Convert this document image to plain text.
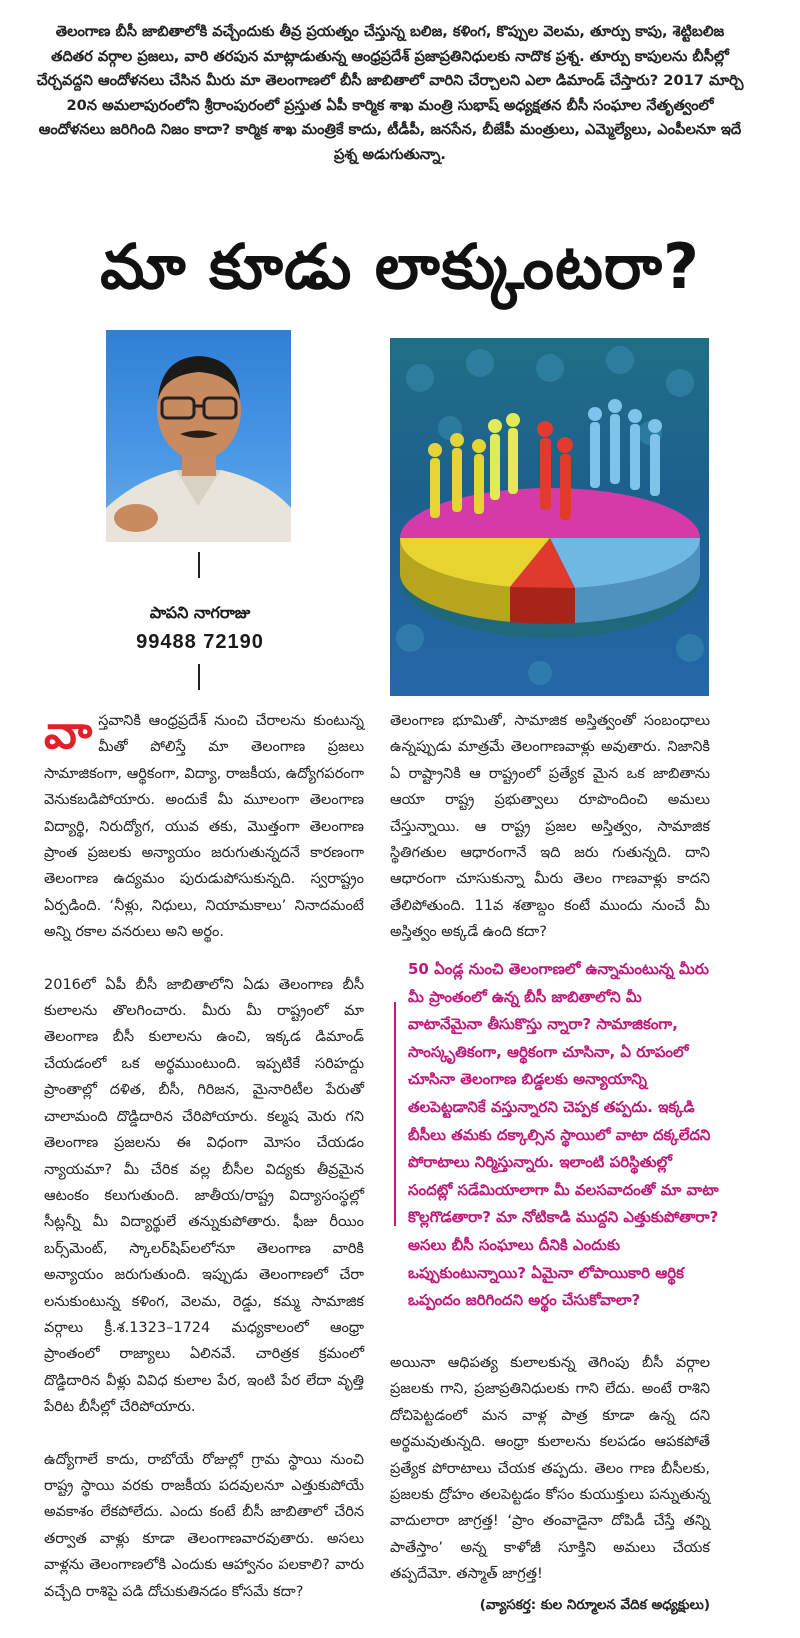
తెలంగాణ బీసీ జాబితాలోకి వచ్చేందుకు తీవ్ర ప్రయత్నం చేస్తున్న బలిజ, కళింగ, కొప్పుల వెలమ, తూర్పు కాపు, శెట్టిబలిజ తదితర వర్గాల ప్రజలు, వారి తరపున మాట్లాడుతున్న ఆంధ్రప్రదేశ్ ప్రజాప్రతినిధులకు నాదొక ప్రశ్న. తూర్పు కాపులను బీసీల్లో చేర్చవద్దని ఆందోళనలు చేసిన మీరు మా తెలంగాణలో బీసీ జాబితాలో వారిని చేర్చాలని ఎలా డిమాండ్ చేస్తారు? 2017 మార్చి 20న అమలాపురంలోని శ్రీరాంపురంలో ప్రస్తుత ఏపీ కార్మిక శాఖ మంత్రి సుభాష్ అధ్యక్షతన బీసీ సంఘాల నేతృత్వంలో ఆందోళనలు జరిగింది నిజం కాదా? కార్మిక శాఖ మంత్రికే కాదు, టీడీపీ, జనసేన, బీజేపీ మంత్రులు, ఎమ్మెల్యేలు, ఎంపీలనూ ఇదే ప్రశ్న అడుగుతున్నా.

మా కూడు లాక్కుంటరా?
పాపని నాగరాజు
99488 72190

వాస్తవానికి ఆంధ్రప్రదేశ్ నుంచి చేరాలను కుంటున్న మీతో పోలిస్తే మా తెలంగాణ ప్రజలు సామాజికంగా, ఆర్థికంగా, విద్యా, రాజకీయ, ఉద్యోగపరంగా వెనుకబడిపోయారు. అందుకే మీ మూలంగా తెలంగాణ విద్యార్థి, నిరుద్యోగ, యువ తకు, మొత్తంగా తెలంగాణ ప్రాంత ప్రజలకు అన్యాయం జరుగుతున్నదనే కారణంగా తెలంగాణ ఉద్యమం పురుడుపోసుకున్నది. స్వరాష్ట్రం ఏర్పడింది. ‘నీళ్లు, నిధులు, నియామకాలు’ నినాదమంటే అన్ని రకాల వనరులు అని అర్థం.

2016లో ఏపీ బీసీ జాబితాలోని ఏడు తెలంగాణ బీసీ కులాలను తొలగించారు. మీరు మీ రాష్ట్రంలో మా తెలంగాణ బీసీ కులాలను ఉంచి, ఇక్కడ డిమాండ్ చేయడంలో ఒక అర్థముంటుంది. ఇప్పటికే సరిహద్దు ప్రాంతాల్లో దళిత, బీసీ, గిరిజన, మైనారిటీల పేరుతో చాలామంది దొడ్డిదారిన చేరిపోయారు. కల్మష మెరు గని తెలంగాణ ప్రజలను ఈ విధంగా మోసం చేయడం న్యాయమా? మీ చేరిక వల్ల బీసీల విద్యకు తీవ్రమైన ఆటంకం కలుగుతుంది. జాతీయ/రాష్ట్ర విద్యాసంస్థల్లో సీట్లన్నీ మీ విద్యార్థులే తన్నుకుపోతారు. ఫీజు రీయిం బర్స్‌మెంట్, స్కాలర్‌షిప్‌లలోనూ తెలంగాణ వారికి అన్యాయం జరుగుతుంది. ఇప్పుడు తెలంగాణలో చేరా లనుకుంటున్న కళింగ, వెలమ, రెడ్డు, కమ్మ సామాజిక వర్గాలు క్రీ.శ.1323–1724 మధ్యకాలంలో ఆంధ్రా ప్రాంతంలో రాజ్యాలు ఏలినవే. చారిత్రక క్రమంలో దొడ్డిదారిన వీళ్లు వివిధ కులాల పేర, ఇంటి పేర లేదా వృత్తి పేరిట బీసీల్లో చేరిపోయారు.

ఉద్యోగాలే కాదు, రాబోయే రోజుల్లో గ్రామ స్థాయి నుంచి రాష్ట్ర స్థాయి వరకు రాజకీయ పదవులనూ ఎత్తుకుపోయే అవకాశం లేకపోలేదు. ఎందు కంటే బీసీ జాబితాలో చేరిన తర్వాత వాళ్లు కూడా తెలంగాణవారవుతారు. అసలు వాళ్లను తెలంగాణలోకి ఎందుకు ఆహ్వానం పలకాలి? వారు వచ్చేది రాశిపై పడి దోచుకుతినడం కోసమే కదా?

తెలంగాణ భూమితో, సామాజిక అస్తిత్వంతో సంబంధాలు ఉన్నప్పుడు మాత్రమే తెలంగాణవాళ్లు అవుతారు. నిజానికి ఏ రాష్ట్రానికి ఆ రాష్ట్రంలో ప్రత్యేక మైన ఒక జాబితాను ఆయా రాష్ట్ర ప్రభుత్వాలు రూపొందించి అమలు చేస్తున్నాయి. ఆ రాష్ట్ర ప్రజల అస్తిత్వం, సామాజిక స్థితిగతుల ఆధారంగానే ఇది జరు గుతున్నది. దాని ఆధారంగా చూసుకున్నా మీరు తెలం గాణవాళ్లు కాదని తేలిపోతుంది. 11వ శతాబ్దం కంటే ముందు నుంచే మీ అస్తిత్వం అక్కడే ఉంది కదా?

50 ఏండ్ల నుంచి తెలంగాణలో ఉన్నామంటున్న మీరు మీ ప్రాంతంలో ఉన్న బీసీ జాబితాలోని మీ వాటానేమైనా తీసుకొస్తు న్నారా? సామాజికంగా, సాంస్కృతికంగా, ఆర్థికంగా చూసినా, ఏ రూపంలో చూసినా తెలంగాణ బిడ్డలకు అన్యాయాన్ని తలపెట్టడానికే వస్తున్నారని చెప్పక తప్పదు. ఇక్కడి బీసీలు తమకు దక్కాల్సిన స్థాయిలో వాటా దక్కలేదని పోరాటాలు నిర్మిస్తున్నారు. ఇలాంటి పరిస్థితుల్లో సందట్లో సడేమియాలాగా మీ వలసవాదంతో మా వాటా కొల్లగొడతారా? మా నోటికాడి ముద్దని ఎత్తుకుపోతారా? అసలు బీసీ సంఘాలు దీనికి ఎందుకు ఒప్పుకుంటున్నాయి? ఏమైనా లోపాయికారి ఆర్థిక ఒప్పందం జరిగిందని అర్థం చేసుకోవాలా?

అయినా ఆధిపత్య కులాలకున్న తెగింపు బీసీ వర్గాల ప్రజలకు గాని, ప్రజాప్రతినిధులకు గాని లేదు. అంటే రాశిని దోచిపెట్టడంలో మన వాళ్ల పాత్ర కూడా ఉన్న దని అర్థమవుతున్నది. ఆంధ్రా కులాలను కలపడం ఆపకపోతే ప్రత్యేక పోరాటాలు చేయక తప్పదు. తెలం గాణ బీసీలకు, ప్రజలకు ద్రోహం తలపెట్టడం కోసం కుయుక్తులు పన్నుతున్న వాదులారా జాగ్రత్త! ‘ప్రాం తంవాడైనా దోపిడీ చేస్తే తన్ని పాతేస్తాం’ అన్న కాళోజీ సూక్తిని అమలు చేయక తప్పదేమో. తస్మాత్ జాగ్రత్త!

(వ్యాసకర్త: కుల నిర్మూలన వేదిక అధ్యక్షులు)
